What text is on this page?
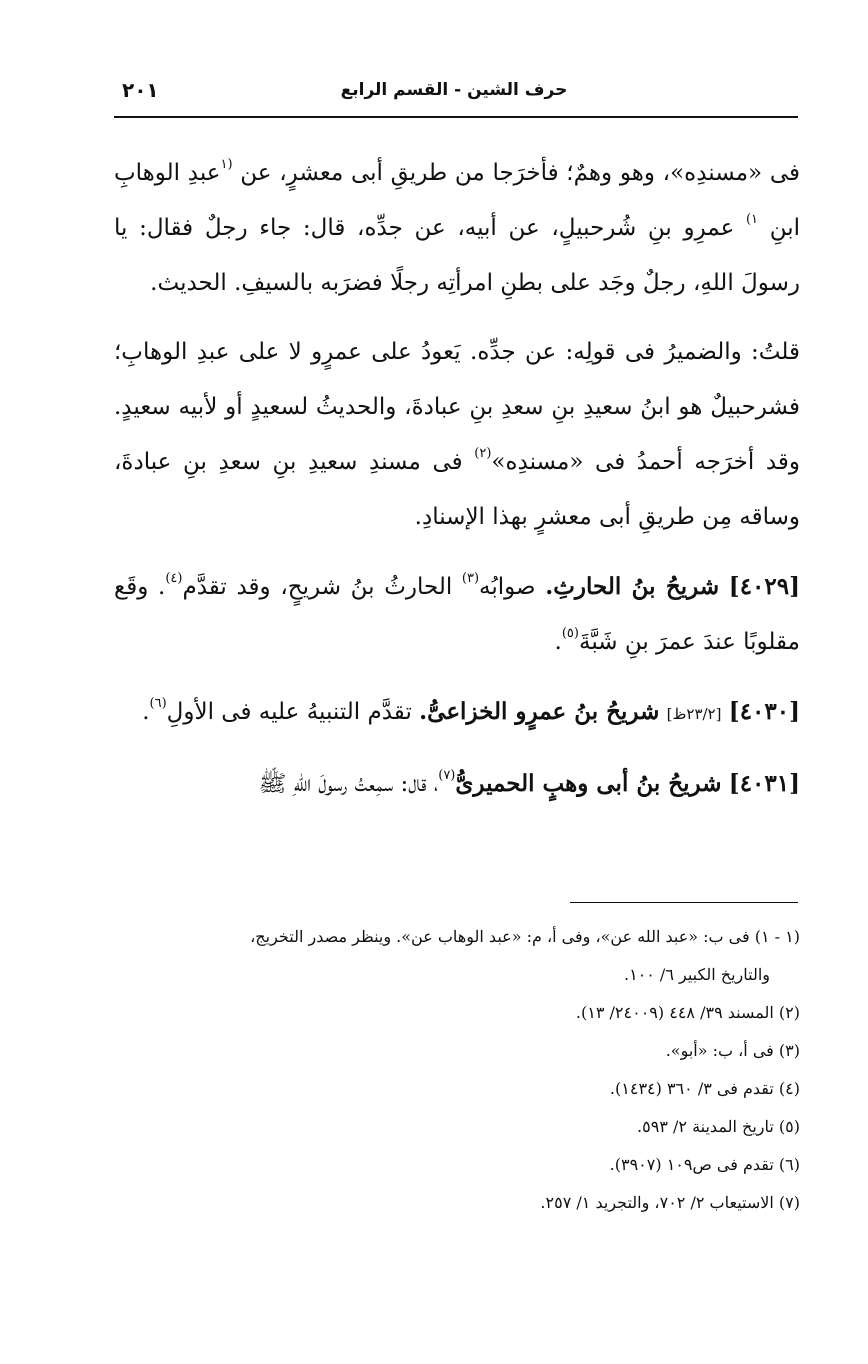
٢٠١	حرف الشين - القسم الرابع

فى «مسندِه»، وهو وهمٌ؛ فأخرَجا من طريقِ أبى معشرٍ، عن $^{(١}$عبدِ الوهابِ ابنِ $^{١)}$ عمرِو بنِ شُرحبيلٍ، عن أبيه، عن جدِّه، قال: جاء رجلٌ فقال: يا رسولَ اللهِ، رجلٌ وجَد على بطنِ امرأتِه رجلًا فضرَبه بالسيفِ. الحديث.

قلتُ: والضميرُ فى قولِه: عن جدِّه. يَعودُ على عمرٍو لا على عبدِ الوهابِ؛ فشرحبيلٌ هو ابنُ سعيدِ بنِ سعدِ بنِ عبادةَ، والحديثُ لسعيدٍ أو لأبيه سعيدٍ. وقد أخرَجه أحمدُ فى «مسندِه»$^{(٢)}$ فى مسندِ سعيدِ بنِ سعدِ بنِ عبادةَ، وساقه مِن طريقِ أبى معشرٍ بهذا الإسنادِ.

[٤٠٢٩] شريحُ بنُ الحارثِ. صوابُه$^{(٣)}$ الحارثُ بنُ شريحٍ، وقد تقدَّم$^{(٤)}$. وقَع مقلوبًا عندَ عمرَ بنِ شَبَّةَ$^{(٥)}$.

[٤٠٣٠] [٢٣/٢ظ] شريحُ بنُ عمرٍو الخزاعىُّ. تقدَّم التنبيهُ عليه فى الأولِ$^{(٦)}$.

[٤٠٣١] شريحُ بنُ أبى وهبٍ الحميرىُّ$^{(٧)}$، قال: سمِعتُ رسولَ اللهِ ﷺ

(١ - ١) فى ب: «عبد الله عن»، وفى أ، م: «عبد الوهاب عن». وينظر مصدر التخريج،
والتاريخ الكبير ٦/ ١٠٠.
(٢) المسند ٣٩/ ٤٤٨ (٢٤٠٠٩/ ١٣).
(٣) فى أ، ب: «أبو».
(٤) تقدم فى ٣/ ٣٦٠ (١٤٣٤).
(٥) تاريخ المدينة ٢/ ٥٩٣.
(٦) تقدم فى ص١٠٩ (٣٩٠٧).
(٧) الاستيعاب ٢/ ٧٠٢، والتجريد ١/ ٢٥٧.
